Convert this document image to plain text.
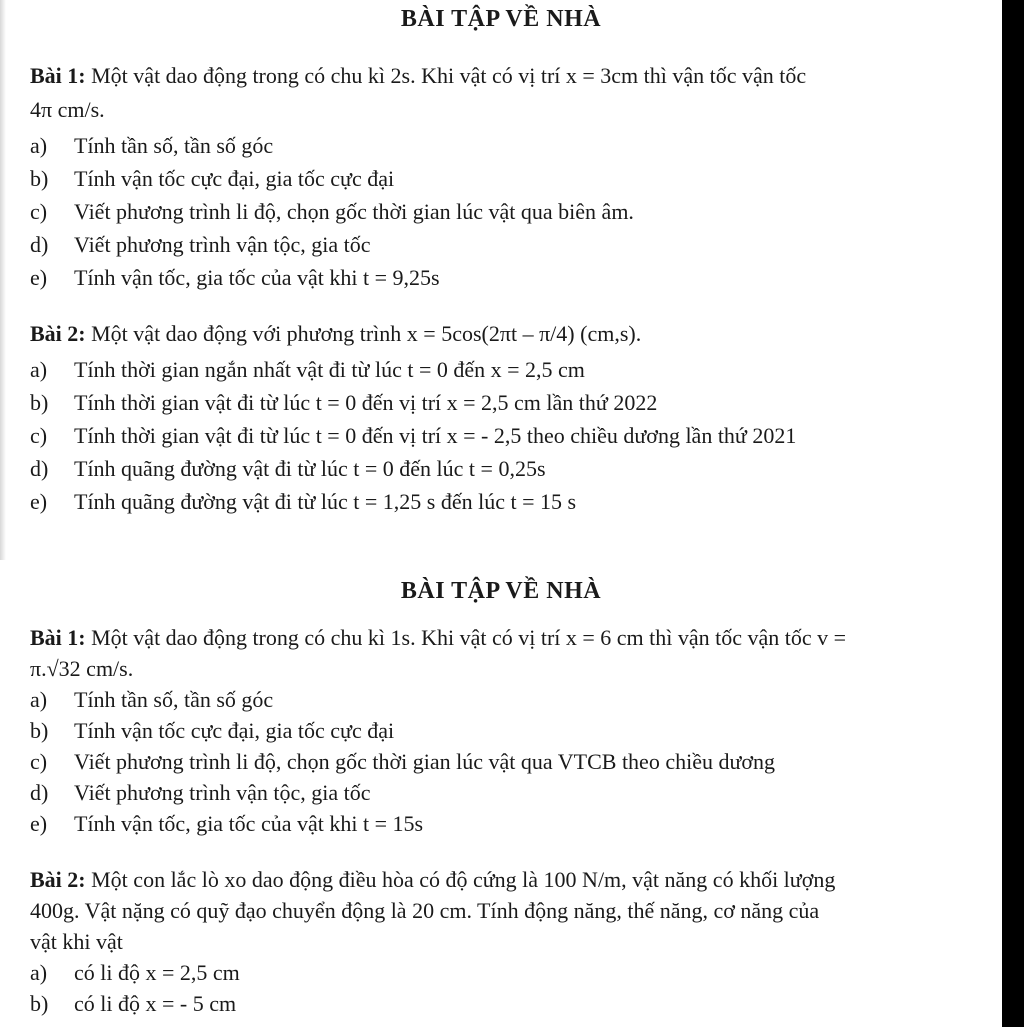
BÀI TẬP VỀ NHÀ
Bài 1: Một vật dao động trong có chu kì 2s. Khi vật có vị trí x = 3cm thì vận tốc vận tốc
4π cm/s.
a) Tính tần số, tần số góc
b) Tính vận tốc cực đại, gia tốc cực đại
c) Viết phương trình li độ, chọn gốc thời gian lúc vật qua biên âm.
d) Viết phương trình vận tộc, gia tốc
e) Tính vận tốc, gia tốc của vật khi t = 9,25s
Bài 2: Một vật dao động với phương trình x = 5cos(2πt – π/4) (cm,s).
a) Tính thời gian ngắn nhất vật đi từ lúc t = 0 đến x = 2,5 cm
b) Tính thời gian vật đi từ lúc t = 0 đến vị trí x = 2,5 cm lần thứ 2022
c) Tính thời gian vật đi từ lúc t = 0 đến vị trí x = - 2,5 theo chiều dương lần thứ 2021
d) Tính quãng đường vật đi từ lúc t = 0 đến lúc t = 0,25s
e) Tính quãng đường vật đi từ lúc t = 1,25 s đến lúc t = 15 s
BÀI TẬP VỀ NHÀ
Bài 1: Một vật dao động trong có chu kì 1s. Khi vật có vị trí x = 6 cm thì vận tốc vận tốc v =
π.√32 cm/s.
a) Tính tần số, tần số góc
b) Tính vận tốc cực đại, gia tốc cực đại
c) Viết phương trình li độ, chọn gốc thời gian lúc vật qua VTCB theo chiều dương
d) Viết phương trình vận tộc, gia tốc
e) Tính vận tốc, gia tốc của vật khi t = 15s
Bài 2: Một con lắc lò xo dao động điều hòa có độ cứng là 100 N/m, vật năng có khối lượng
400g. Vật nặng có quỹ đạo chuyển động là 20 cm. Tính động năng, thế năng, cơ năng của
vật khi vật
a) có li độ x = 2,5 cm
b) có li độ x = - 5 cm
